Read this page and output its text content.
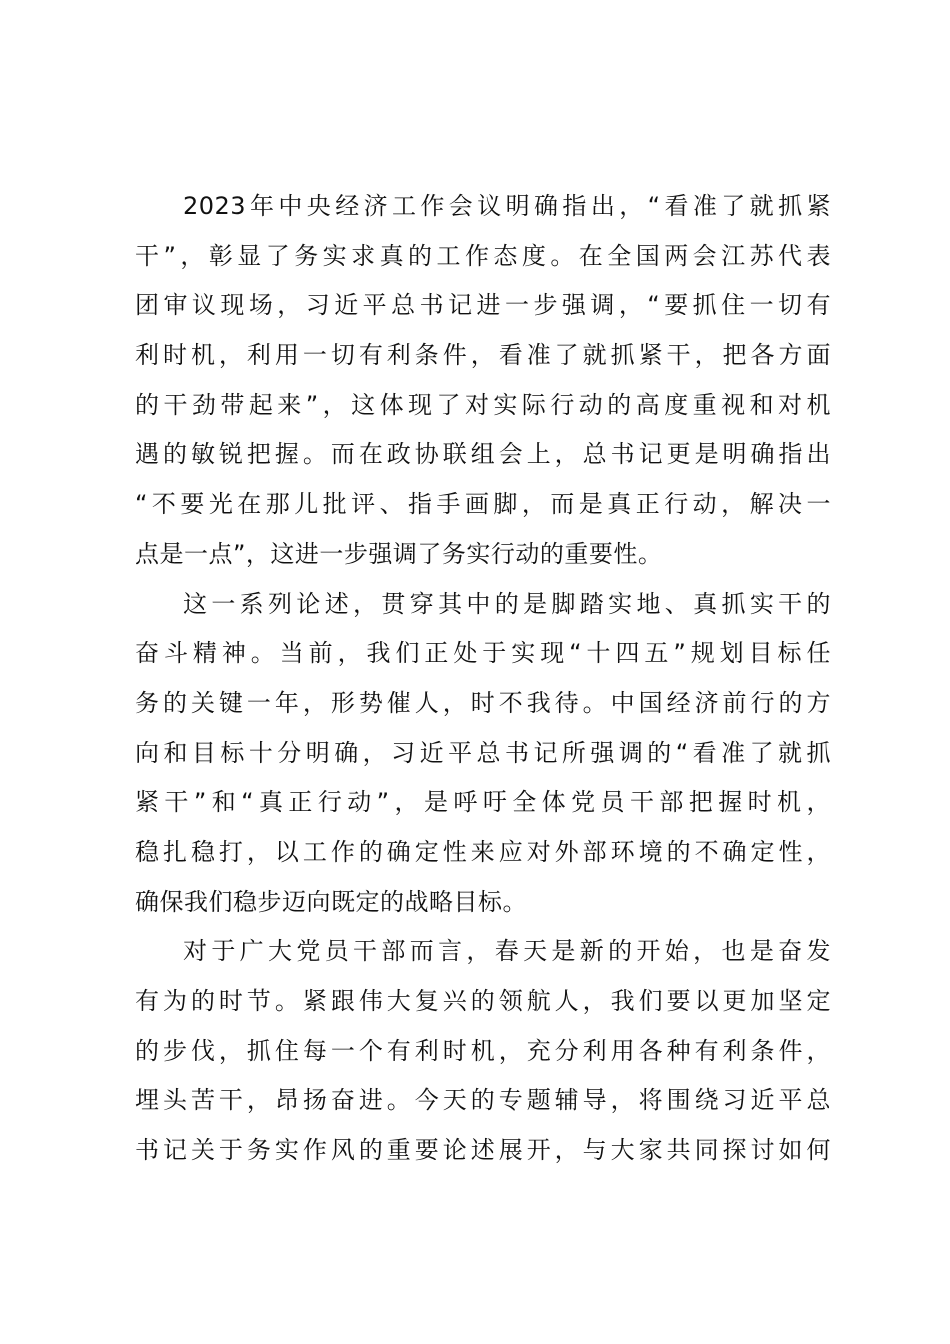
2023年中央经济工作会议明确指出，“看准了就抓紧
干”，彰显了务实求真的工作态度。在全国两会江苏代表
团审议现场，习近平总书记进一步强调，“要抓住一切有
利时机，利用一切有利条件，看准了就抓紧干，把各方面
的干劲带起来”，这体现了对实际行动的高度重视和对机
遇的敏锐把握。而在政协联组会上，总书记更是明确指出
“不要光在那儿批评、指手画脚，而是真正行动，解决一
点是一点”，这进一步强调了务实行动的重要性。
这一系列论述，贯穿其中的是脚踏实地、真抓实干的
奋斗精神。当前，我们正处于实现“十四五”规划目标任
务的关键一年，形势催人，时不我待。中国经济前行的方
向和目标十分明确，习近平总书记所强调的“看准了就抓
紧干”和“真正行动”，是呼吁全体党员干部把握时机，
稳扎稳打，以工作的确定性来应对外部环境的不确定性，
确保我们稳步迈向既定的战略目标。
对于广大党员干部而言，春天是新的开始，也是奋发
有为的时节。紧跟伟大复兴的领航人，我们要以更加坚定
的步伐，抓住每一个有利时机，充分利用各种有利条件，
埋头苦干，昂扬奋进。今天的专题辅导，将围绕习近平总
书记关于务实作风的重要论述展开，与大家共同探讨如何
